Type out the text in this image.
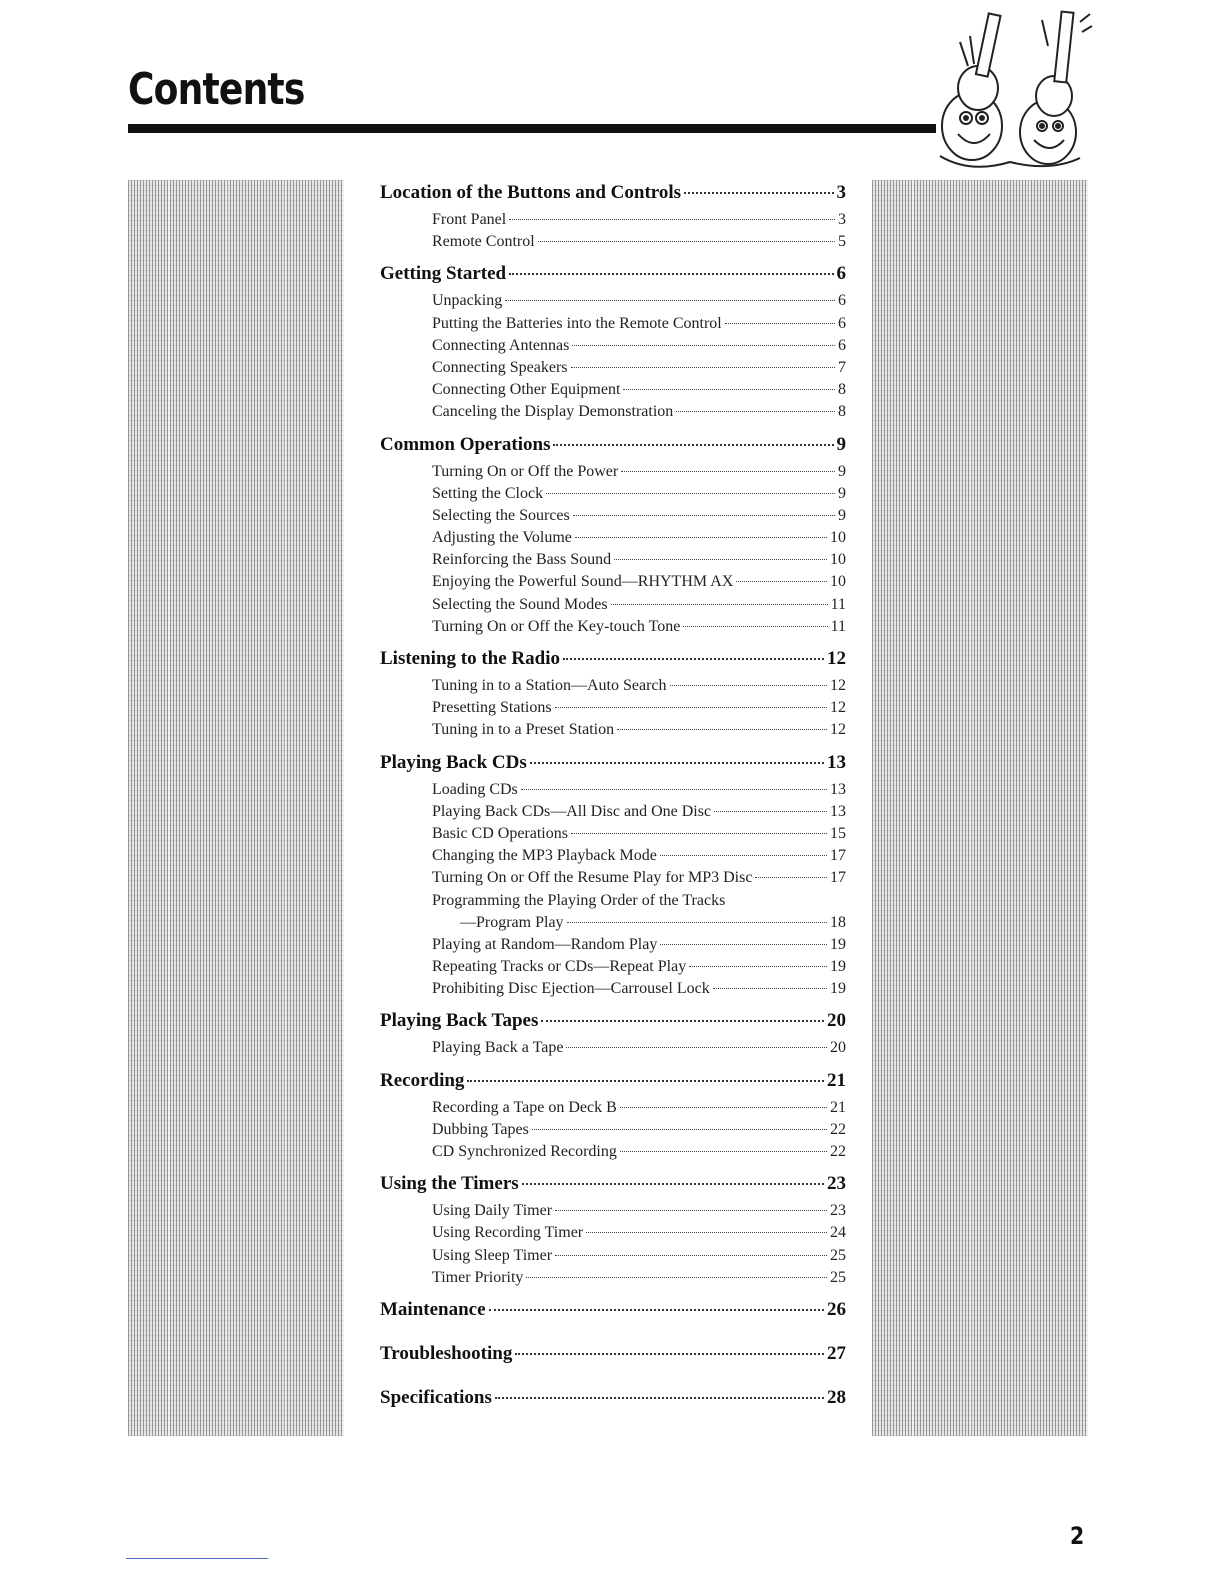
Contents
Location of the Buttons and Controls	3
Front Panel	3
Remote Control	5
Getting Started	6
Unpacking	6
Putting the Batteries into the Remote Control	6
Connecting Antennas	6
Connecting Speakers	7
Connecting Other Equipment	8
Canceling the Display Demonstration	8
Common Operations	9
Turning On or Off the Power	9
Setting the Clock	9
Selecting the Sources	9
Adjusting the Volume	10
Reinforcing the Bass Sound	10
Enjoying the Powerful Sound—RHYTHM AX	10
Selecting the Sound Modes	11
Turning On or Off the Key-touch Tone	11
Listening to the Radio	12
Tuning in to a Station—Auto Search	12
Presetting Stations	12
Tuning in to a Preset Station	12
Playing Back CDs	13
Loading CDs	13
Playing Back CDs—All Disc and One Disc	13
Basic CD Operations	15
Changing the MP3 Playback Mode	17
Turning On or Off the Resume Play for MP3 Disc	17
Programming the Playing Order of the Tracks
—Program Play	18
Playing at Random—Random Play	19
Repeating Tracks or CDs—Repeat Play	19
Prohibiting Disc Ejection—Carrousel Lock	19
Playing Back Tapes	20
Playing Back a Tape	20
Recording	21
Recording a Tape on Deck B	21
Dubbing Tapes	22
CD Synchronized Recording	22
Using the Timers	23
Using Daily Timer	23
Using Recording Timer	24
Using Sleep Timer	25
Timer Priority	25
Maintenance	26
Troubleshooting	27
Specifications	28
2
